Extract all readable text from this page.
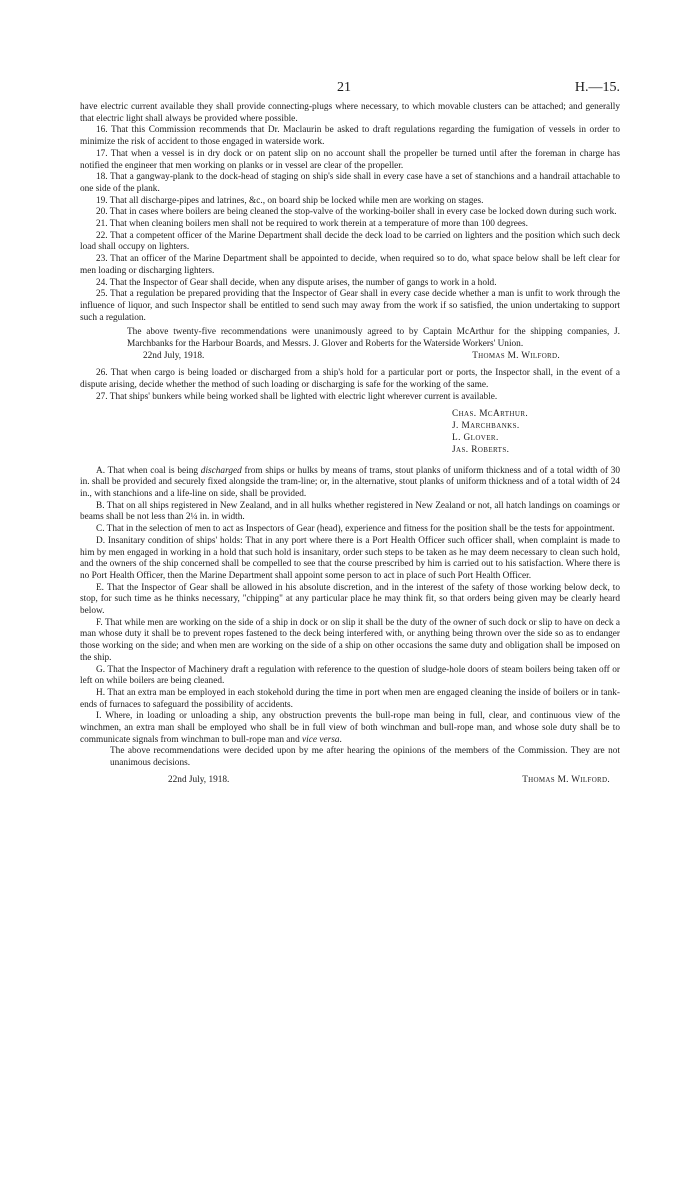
21	H.—15.

have electric current available they shall provide connecting-plugs where necessary, to which movable clusters can be attached; and generally that electric light shall always be provided where possible.

16. That this Commission recommends that Dr. Maclaurin be asked to draft regulations regarding the fumigation of vessels in order to minimize the risk of accident to those engaged in waterside work.

17. That when a vessel is in dry dock or on patent slip on no account shall the propeller be turned until after the foreman in charge has notified the engineer that men working on planks or in vessel are clear of the propeller.

18. That a gangway-plank to the dock-head of staging on ship's side shall in every case have a set of stanchions and a handrail attachable to one side of the plank.

19. That all discharge-pipes and latrines, &c., on board ship be locked while men are working on stages.

20. That in cases where boilers are being cleaned the stop-valve of the working-boiler shall in every case be locked down during such work.

21. That when cleaning boilers men shall not be required to work therein at a temperature of more than 100 degrees.

22. That a competent officer of the Marine Department shall decide the deck load to be carried on lighters and the position which such deck load shall occupy on lighters.

23. That an officer of the Marine Department shall be appointed to decide, when required so to do, what space below shall be left clear for men loading or discharging lighters.

24. That the Inspector of Gear shall decide, when any dispute arises, the number of gangs to work in a hold.

25. That a regulation be prepared providing that the Inspector of Gear shall in every case decide whether a man is unfit to work through the influence of liquor, and such Inspector shall be entitled to send such may away from the work if so satisfied, the union undertaking to support such a regulation.

The above twenty-five recommendations were unanimously agreed to by Captain McArthur for the shipping companies, J. Marchbanks for the Harbour Boards, and Messrs. J. Glover and Roberts for the Waterside Workers' Union.
22nd July, 1918.	Thomas M. Wilford.

26. That when cargo is being loaded or discharged from a ship's hold for a particular port or ports, the Inspector shall, in the event of a dispute arising, decide whether the method of such loading or discharging is safe for the working of the same.

27. That ships' bunkers while being worked shall be lighted with electric light wherever current is available.

Chas. McArthur.
J. Marchbanks.
L. Glover.
Jas. Roberts.

A. That when coal is being discharged from ships or hulks by means of trams, stout planks of uniform thickness and of a total width of 30 in. shall be provided and securely fixed alongside the tram-line; or, in the alternative, stout planks of uniform thickness and of a total width of 24 in., with stanchions and a life-line on side, shall be provided.

B. That on all ships registered in New Zealand, and in all hulks whether registered in New Zealand or not, all hatch landings on coamings or beams shall be not less than 2¼ in. in width.

C. That in the selection of men to act as Inspectors of Gear (head), experience and fitness for the position shall be the tests for appointment.

D. Insanitary condition of ships' holds: That in any port where there is a Port Health Officer such officer shall, when complaint is made to him by men engaged in working in a hold that such hold is insanitary, order such steps to be taken as he may deem necessary to clean such hold, and the owners of the ship concerned shall be compelled to see that the course prescribed by him is carried out to his satisfaction. Where there is no Port Health Officer, then the Marine Department shall appoint some person to act in place of such Port Health Officer.

E. That the Inspector of Gear shall be allowed in his absolute discretion, and in the interest of the safety of those working below deck, to stop, for such time as he thinks necessary, "chipping" at any particular place he may think fit, so that orders being given may be clearly heard below.

F. That while men are working on the side of a ship in dock or on slip it shall be the duty of the owner of such dock or slip to have on deck a man whose duty it shall be to prevent ropes fastened to the deck being interfered with, or anything being thrown over the side so as to endanger those working on the side; and when men are working on the side of a ship on other occasions the same duty and obligation shall be imposed on the ship.

G. That the Inspector of Machinery draft a regulation with reference to the question of sludge-hole doors of steam boilers being taken off or left on while boilers are being cleaned.

H. That an extra man be employed in each stokehold during the time in port when men are engaged cleaning the inside of boilers or in tank-ends of furnaces to safeguard the possibility of accidents.

I. Where, in loading or unloading a ship, any obstruction prevents the bull-rope man being in full, clear, and continuous view of the winchmen, an extra man shall be employed who shall be in full view of both winchman and bull-rope man, and whose sole duty shall be to communicate signals from winchman to bull-rope man and vice versa.

The above recommendations were decided upon by me after hearing the opinions of the members of the Commission. They are not unanimous decisions.

22nd July, 1918.	Thomas M. Wilford.
